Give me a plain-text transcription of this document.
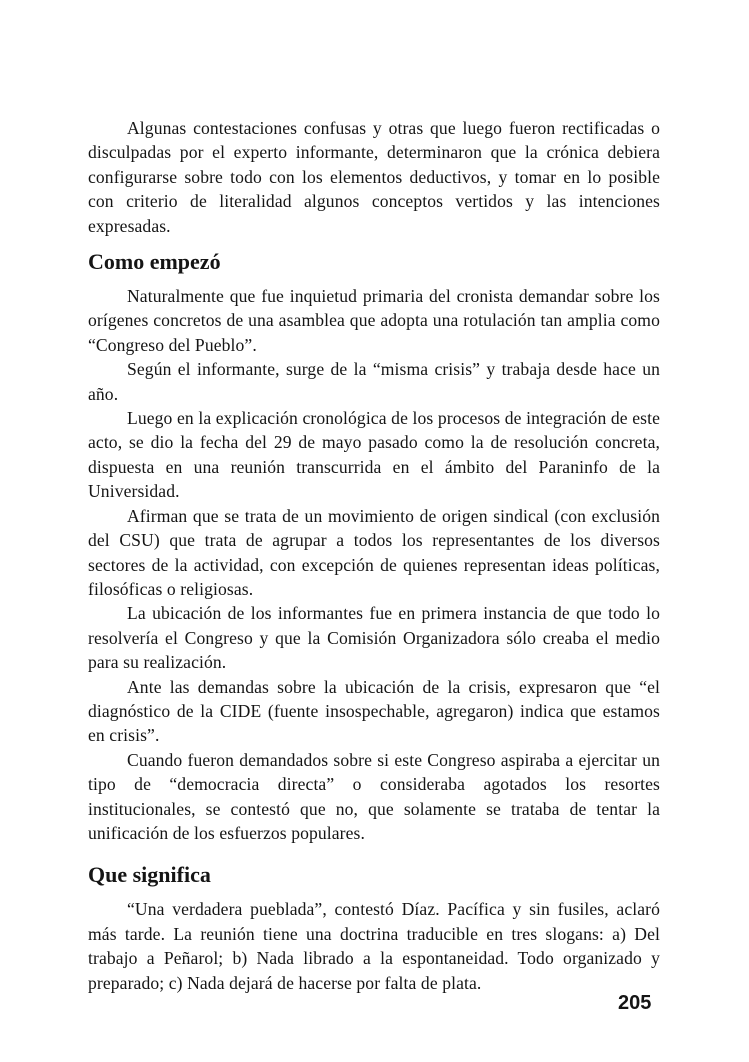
Algunas contestaciones confusas y otras que luego fueron rectificadas o disculpadas por el experto informante, determinaron que la crónica debiera configurarse sobre todo con los elementos deductivos, y tomar en lo posible con criterio de literalidad algunos conceptos vertidos y las intenciones expresadas.

Como empezó

Naturalmente que fue inquietud primaria del cronista demandar sobre los orígenes concretos de una asamblea que adopta una rotulación tan amplia como “Congreso del Pueblo”.

Según el informante, surge de la “misma crisis” y trabaja desde hace un año.

Luego en la explicación cronológica de los procesos de integración de este acto, se dio la fecha del 29 de mayo pasado como la de resolución concreta, dispuesta en una reunión transcurrida en el ámbito del Paraninfo de la Universidad.

Afirman que se trata de un movimiento de origen sindical (con exclusión del CSU) que trata de agrupar a todos los representantes de los diversos sectores de la actividad, con excepción de quienes representan ideas políticas, filosóficas o religiosas.

La ubicación de los informantes fue en primera instancia de que todo lo resolvería el Congreso y que la Comisión Organizadora sólo creaba el medio para su realización.

Ante las demandas sobre la ubicación de la crisis, expresaron que “el diagnóstico de la CIDE (fuente insospechable, agregaron) indica que estamos en crisis”.

Cuando fueron demandados sobre si este Congreso aspiraba a ejercitar un tipo de “democracia directa” o consideraba agotados los resortes institucionales, se contestó que no, que solamente se trataba de tentar la unificación de los esfuerzos populares.

Que significa

“Una verdadera pueblada”, contestó Díaz. Pacífica y sin fusiles, aclaró más tarde. La reunión tiene una doctrina traducible en tres slogans: a) Del trabajo a Peñarol; b) Nada librado a la espontaneidad. Todo organizado y preparado; c) Nada dejará de hacerse por falta de plata.

205
